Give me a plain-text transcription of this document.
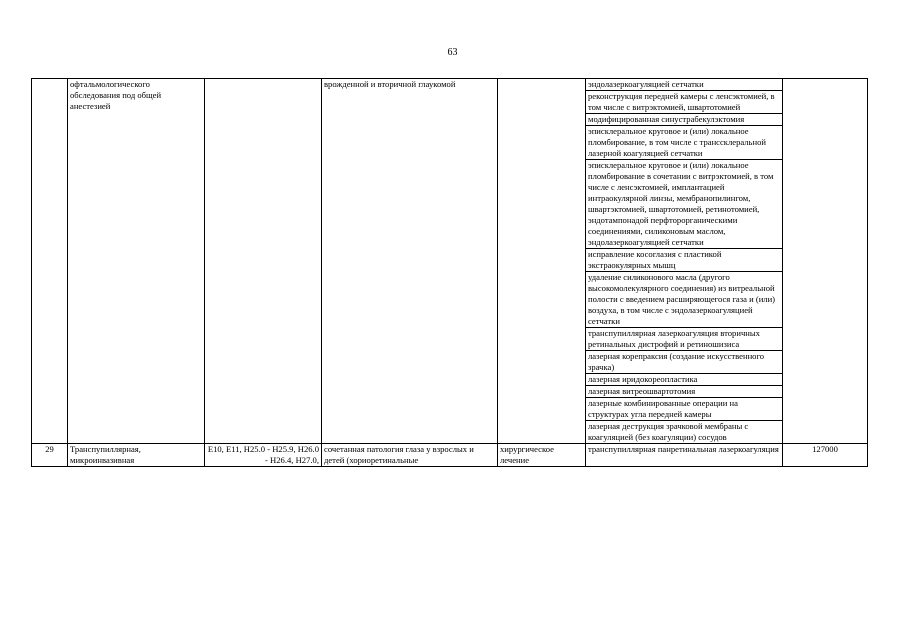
63
	офтальмологического обследования под общей анестезией		врожденной и вторичной глаукомой		эндолазеркоагуляцией сетчатки	
					реконструкция передней камеры с ленсэктомией, в том числе с витрэктомией, швартотомией	
					модифицированная синустрабекулэктомия	
					эписклеральное круговое и (или) локальное пломбирование, в том числе с транссклеральной лазерной коагуляцией сетчатки	
					эписклеральное круговое и (или) локальное пломбирование в сочетании с витрэктомией, в том числе с ленсэктомией, имплантацией интраокулярной линзы, мембранопилингом, швартэктомией, швартотомией, ретинотомией, эндотампонадой перфторорганическими соединениями, силиконовым маслом, эндолазеркоагуляцией сетчатки	
					исправление косоглазия с пластикой экстраокулярных мышц	
					удаление силиконового масла (другого высокомолекулярного соединения) из витреальной полости с введением расширяющегося газа и (или) воздуха, в том числе с эндолазеркоагуляцией сетчатки	
					транспупиллярная лазеркоагуляция вторичных ретинальных дистрофий и ретиношизиса	
					лазерная корепраксия (создание искусственного зрачка)	
					лазерная иридокореопластика	
					лазерная витреошвартотомия	
					лазерные комбинированные операции на структурах угла передней камеры	
					лазерная деструкция зрачковой мембраны с коагуляцией (без коагуляции) сосудов	
29	Транспупиллярная, микроинвазивная	E10, E11, H25.0 - H25.9, H26.0 - H26.4, H27.0,	сочетанная патология глаза у взрослых и детей (хориоретинальные	хирургическое лечение	транспупиллярная панретинальная лазеркоагуляция	127000
